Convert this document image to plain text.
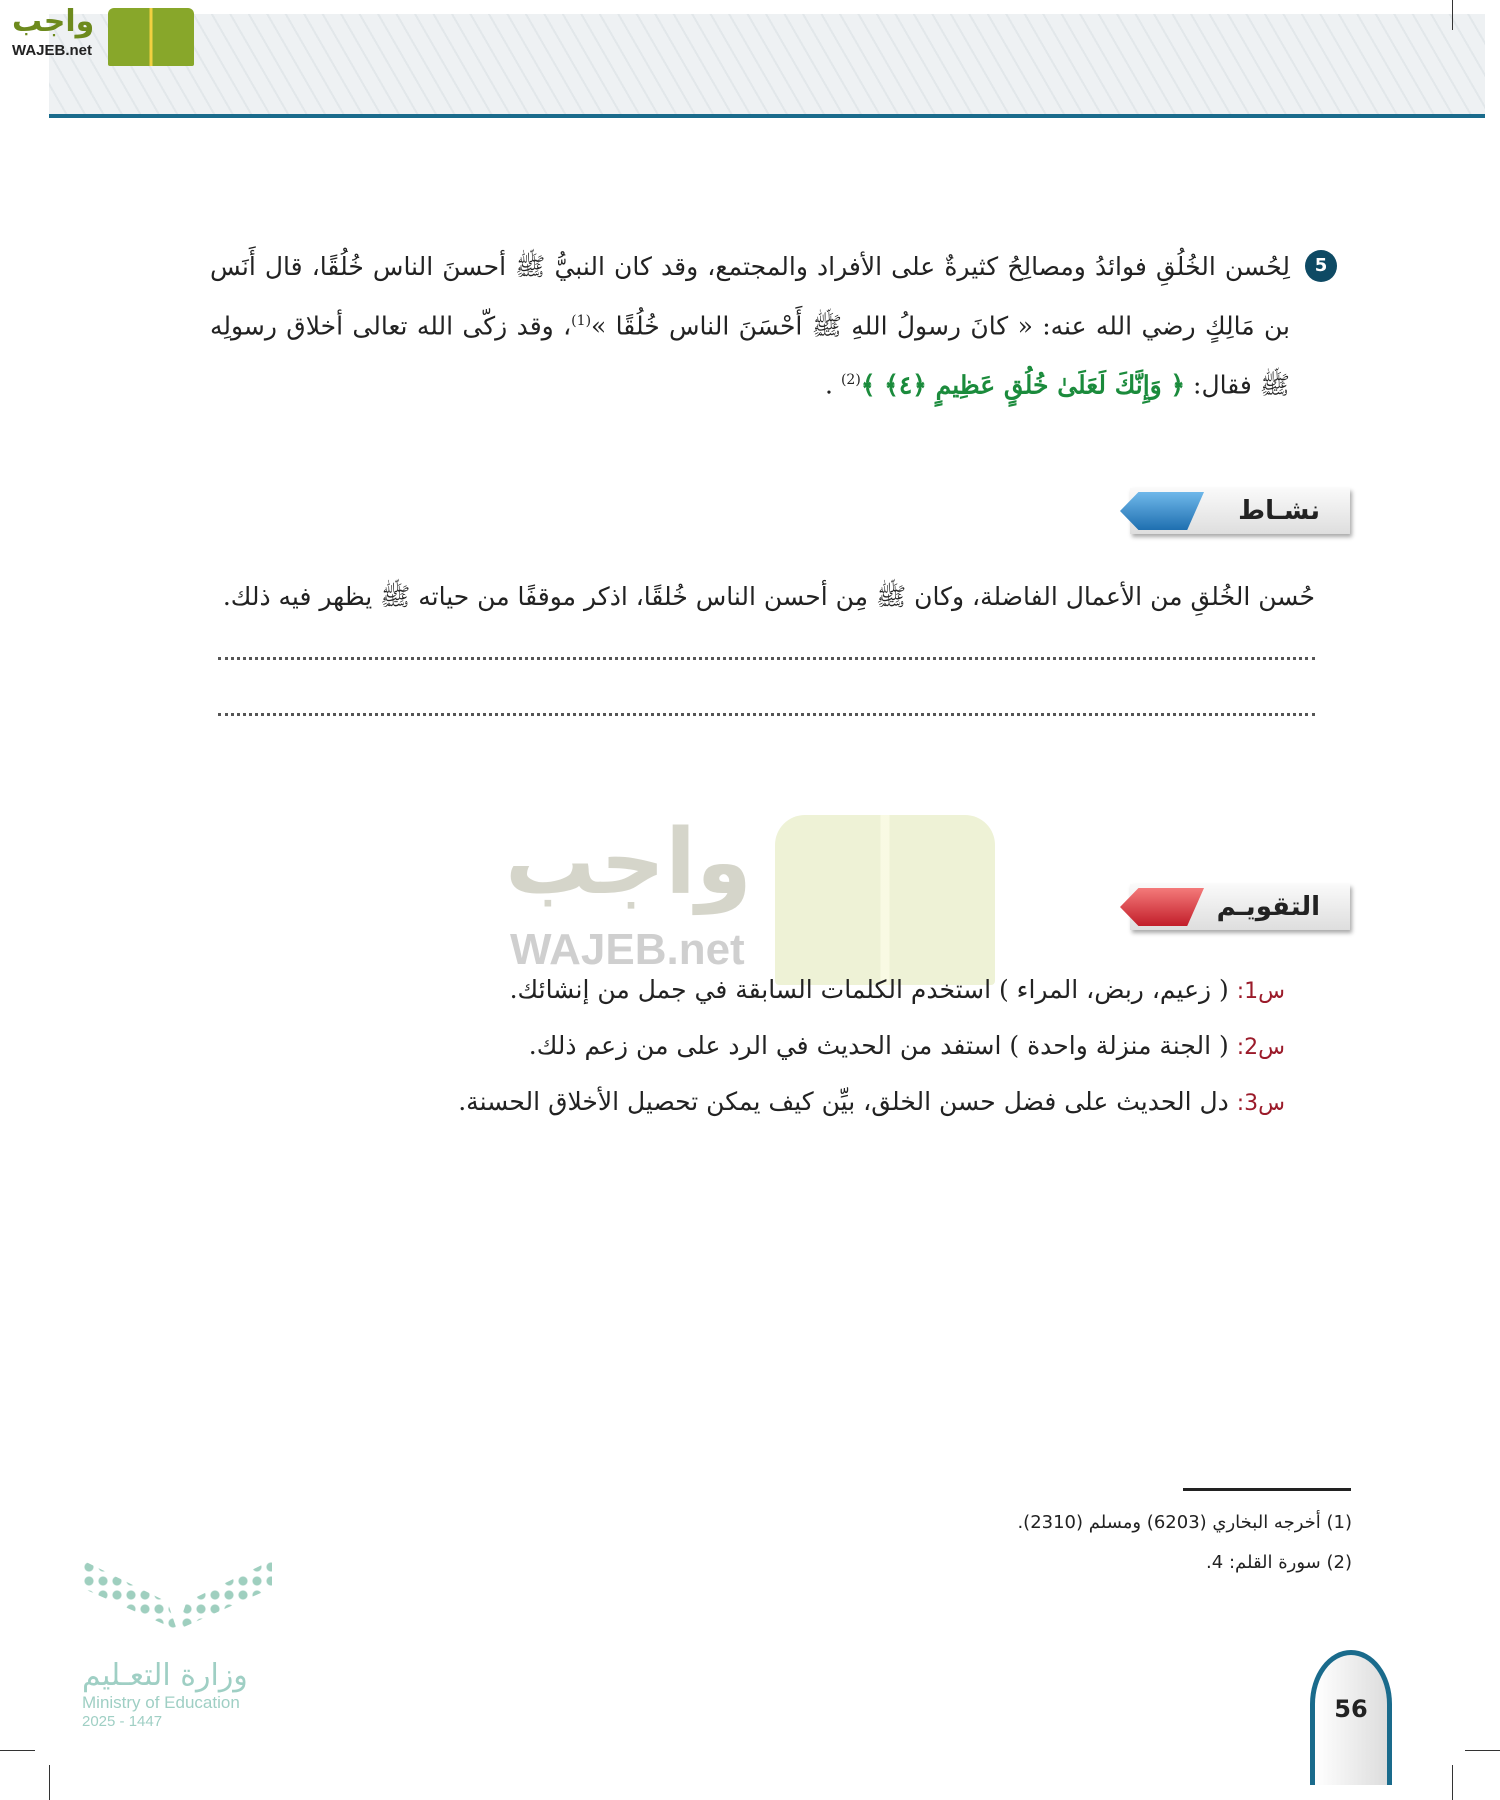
واجب
WAJEB.net
5

لِحُسن الخُلُقِ فوائدُ ومصالِحُ كثيرةٌ على الأفراد والمجتمع، وقد كان النبيُّ ﷺ أحسنَ الناس خُلُقًا، قال أَنَس بن مَالِكٍ رضي الله عنه: « كانَ رسولُ اللهِ ﷺ أَحْسَنَ الناس خُلُقًا »$^{(1)}$، وقد زكّى الله تعالى أخلاق رسولِه ﷺ فقال: ﴿ وَإِنَّكَ لَعَلَىٰ خُلُقٍ عَظِيمٍ ﴿٤﴾ ﴾$^{(2)}$ .

نشـاط

حُسن الخُلقِ من الأعمال الفاضلة، وكان ﷺ مِن أحسن الناس خُلقًا، اذكر موقفًا من حياته ﷺ يظهر فيه ذلك.

واجب
WAJEB.net
التقويـم
س1: ( زعيم، ربض، المراء ) استخدم الكلمات السابقة في جمل من إنشائك.
س2: ( الجنة منزلة واحدة ) استفد من الحديث في الرد على من زعم ذلك.
س3: دل الحديث على فضل حسن الخلق، بيِّن كيف يمكن تحصيل الأخلاق الحسنة.
(1) أخرجه البخاري (6203) ومسلم (2310).
(2) سورة القلم: 4.
وزارة التعـليم
Ministry of Education
2025 - 1447	56
